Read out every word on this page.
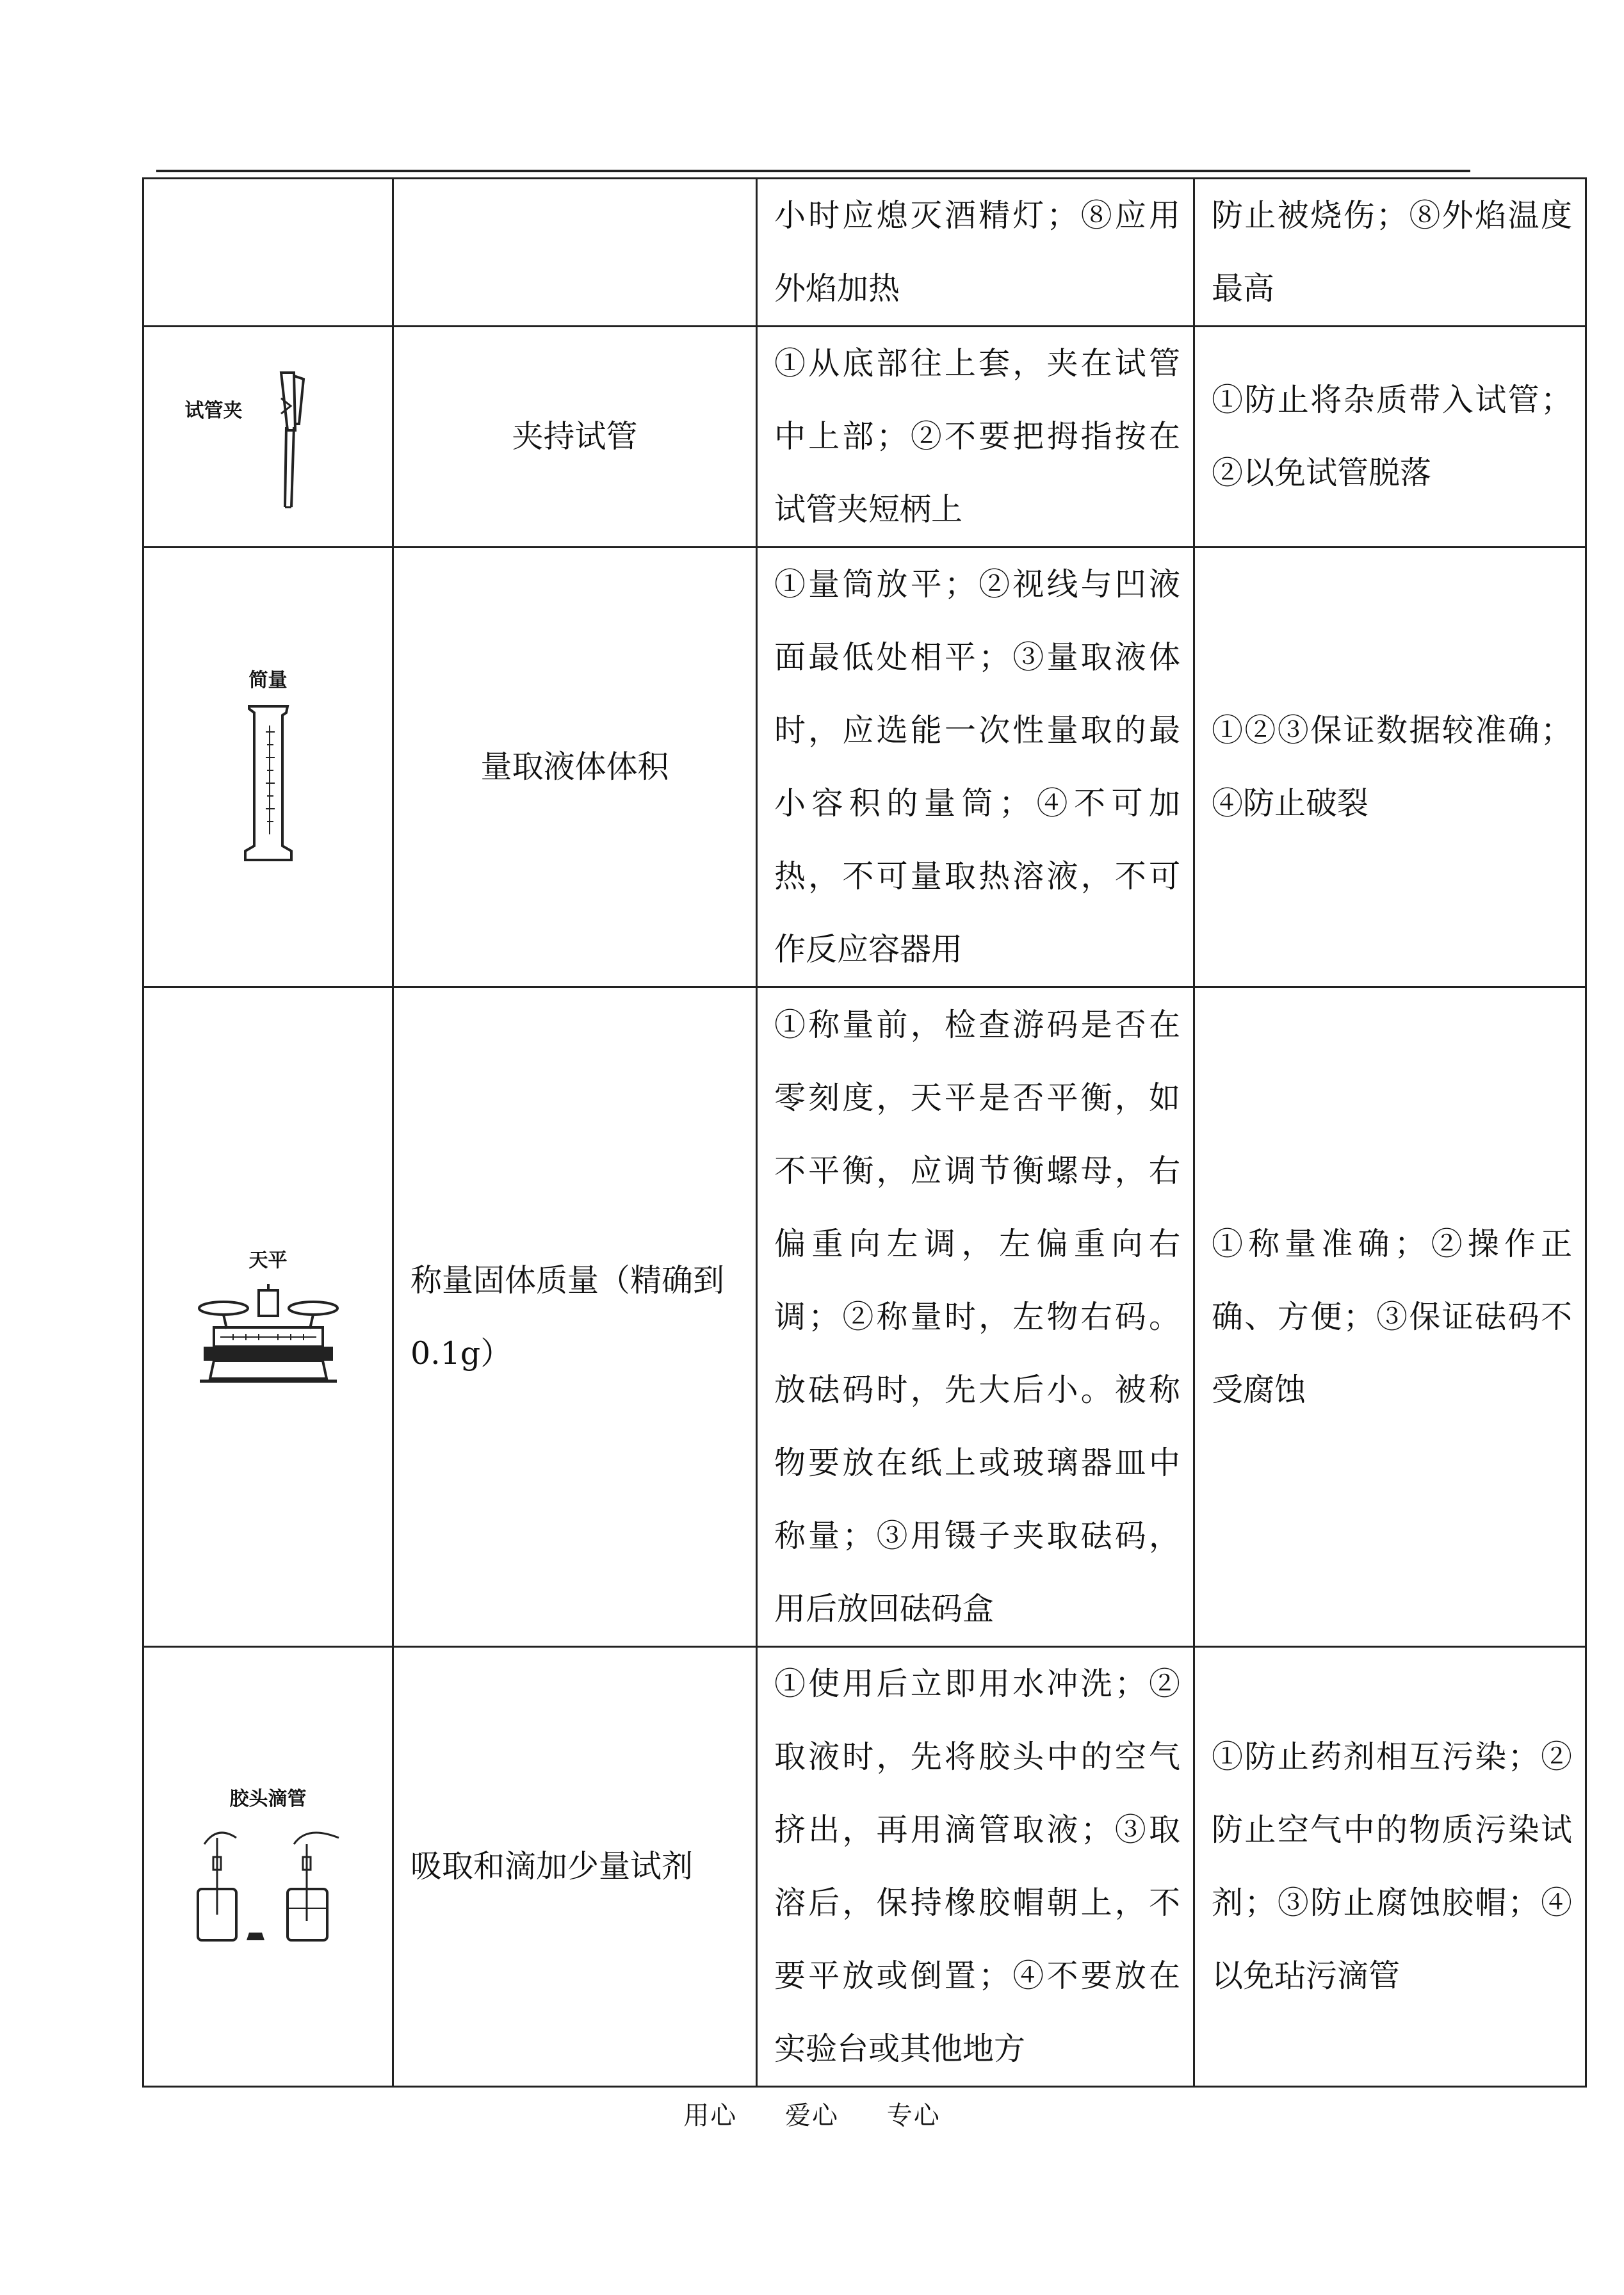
		小时应熄灭酒精灯；⑧应用外焰加热	防止被烧伤；⑧外焰温度最高

试管夹	夹持试管	①从底部往上套，夹在试管中上部；②不要把拇指按在试管夹短柄上	①防止将杂质带入试管；②以免试管脱落

简量	量取液体体积	①量筒放平；②视线与凹液面最低处相平；③量取液体时，应选能一次性量取的最小容积的量筒；④不可加热，不可量取热溶液，不可作反应容器用	①②③保证数据较准确；④防止破裂

天平	称量固体质量（精确到0.1g）	①称量前，检查游码是否在零刻度，天平是否平衡，如不平衡，应调节衡螺母，右偏重向左调，左偏重向右调；②称量时，左物右码。放砝码时，先大后小。被称物要放在纸上或玻璃器皿中称量；③用镊子夹取砝码，用后放回砝码盒	①称量准确；②操作正确、方便；③保证砝码不受腐蚀

胶头滴管	吸取和滴加少量试剂	①使用后立即用水冲洗；②取液时，先将胶头中的空气挤出，再用滴管取液；③取溶后，保持橡胶帽朝上，不要平放或倒置；④不要放在实验台或其他地方	①防止药剂相互污染；②防止空气中的物质污染试剂；③防止腐蚀胶帽；④以免玷污滴管
用心 爱心 专心
